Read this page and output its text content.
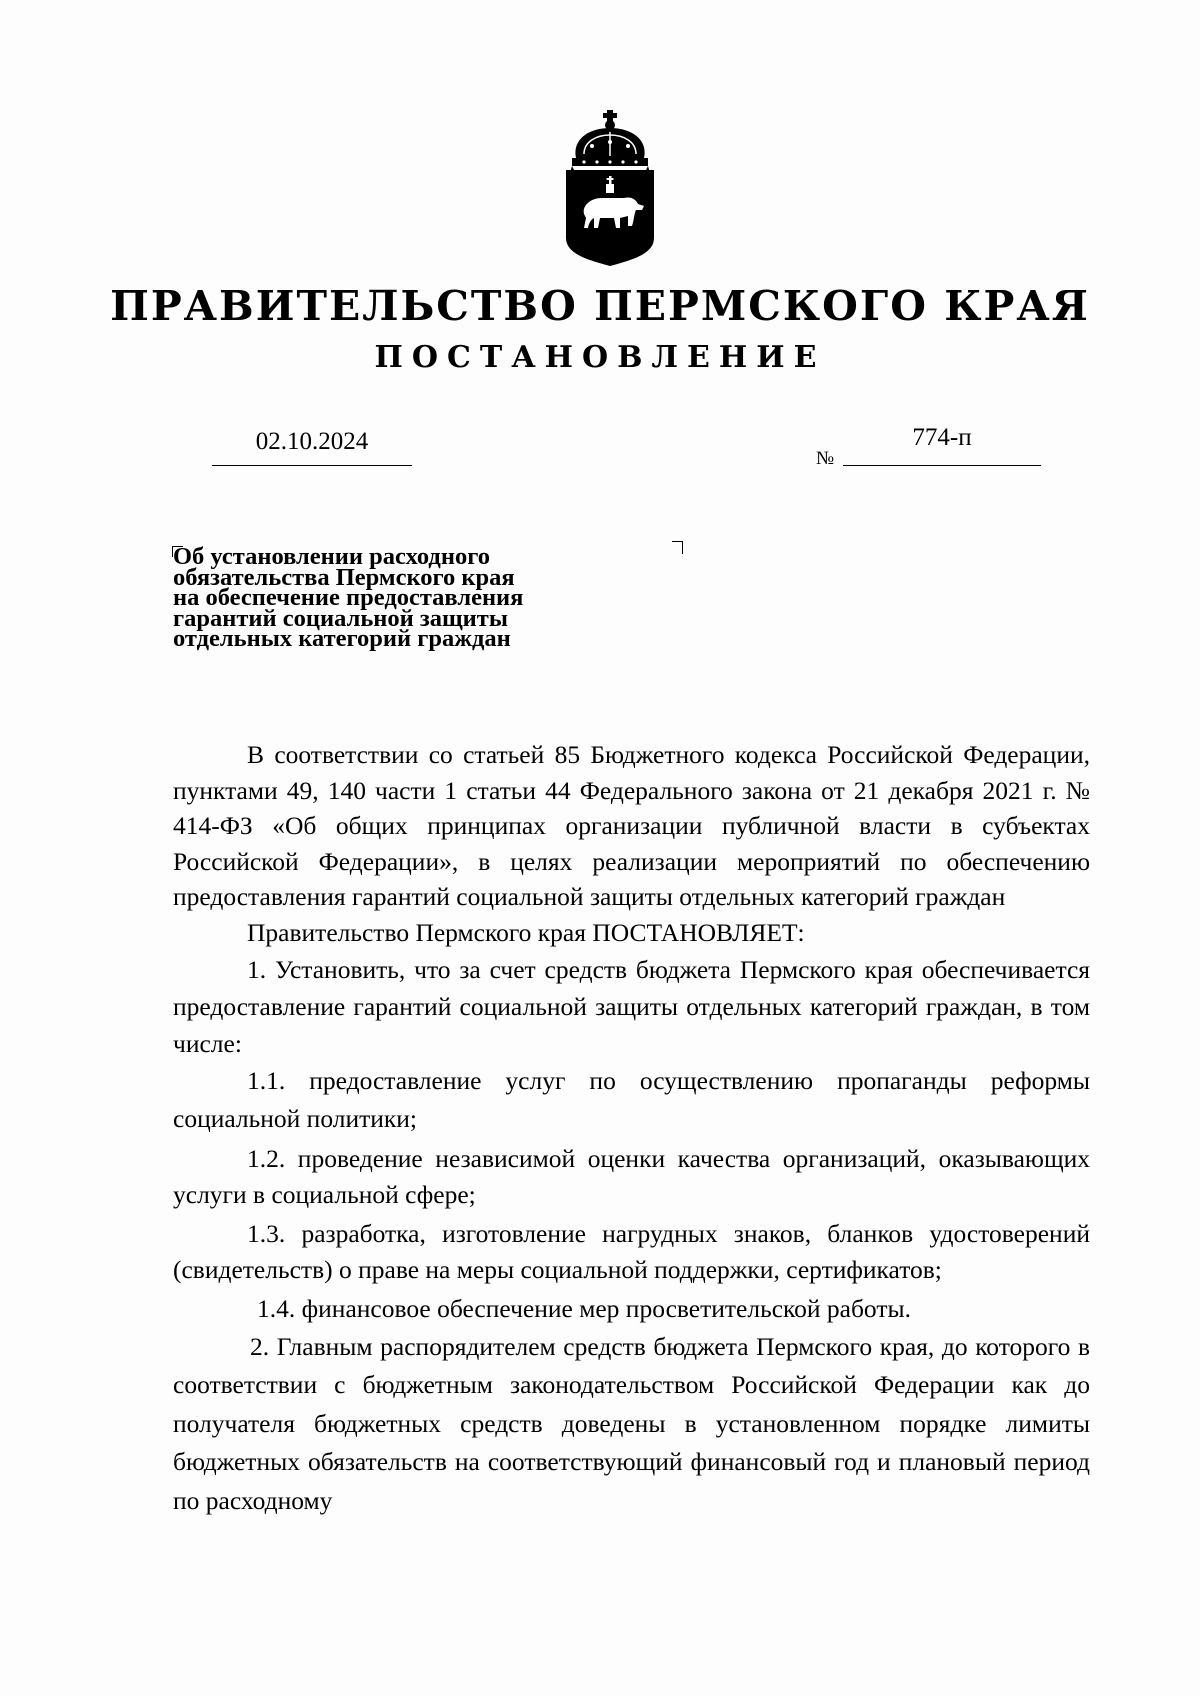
ПРАВИТЕЛЬСТВО ПЕРМСКОГО КРАЯ
ПОСТАНОВЛЕНИЕ
02.10.2024
№
774-п
Об установлении расходного
обязательства Пермского края
на обеспечение предоставления
гарантий социальной защиты
отдельных категорий граждан

В соответствии со статьей 85 Бюджетного кодекса Российской Федерации, пунктами 49, 140 части 1 статьи 44 Федерального закона от 21 декабря 2021 г. № 414-ФЗ «Об общих принципах организации публичной власти в субъектах Российской Федерации», в целях реализации мероприятий по обеспечению предоставления гарантий социальной защиты отдельных категорий граждан

Правительство Пермского края ПОСТАНОВЛЯЕТ:

1. Установить, что за счет средств бюджета Пермского края обеспечивается предоставление гарантий социальной защиты отдельных категорий граждан, в том числе:

1.1. предоставление услуг по осуществлению пропаганды реформы социальной политики;

1.2. проведение независимой оценки качества организаций, оказывающих услуги в социальной сфере;

1.3. разработка, изготовление нагрудных знаков, бланков удостоверений (свидетельств) о праве на меры социальной поддержки, сертификатов;

1.4. финансовое обеспечение мер просветительской работы.

2. Главным распорядителем средств бюджета Пермского края, до которого в соответствии с бюджетным законодательством Российской Федерации как до получателя бюджетных средств доведены в установленном порядке лимиты бюджетных обязательств на соответствующий финансовый год и плановый период по расходному
